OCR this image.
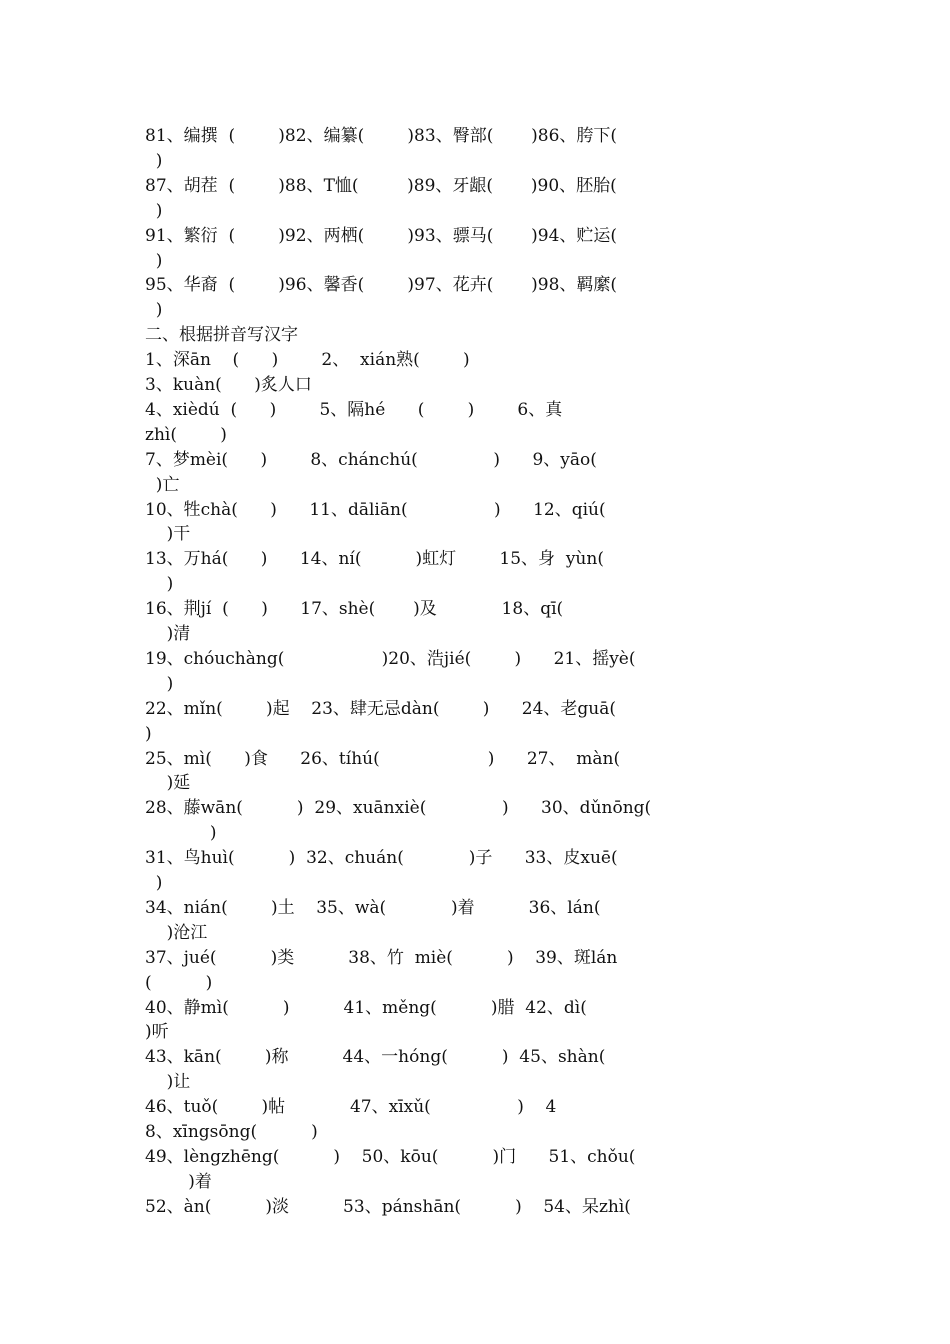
81、编撰  (        )82、编纂(        )83、臀部(       )86、胯下(
)
87、胡茬  (        )88、T恤(         )89、牙龈(       )90、胚胎(
)
91、繁衍  (        )92、两栖(        )93、骠马(       )94、贮运(
)
95、华裔  (        )96、馨香(        )97、花卉(       )98、羁縻(
)
二、根据拼音写汉字
1、深ān    (      )        2、  xián熟(        )
3、kuàn(      )炙人口
4、xièdú  (      )        5、隔hé      (        )        6、真
zhì(        )
7、梦mèi(      )        8、chánchú(              )      9、yāo(
)亡
10、牲chà(      )      11、dāliān(                )      12、qiú(
)干
13、万há(      )      14、ní(          )虹灯        15、身  yùn(
)
16、荆jí  (      )      17、shè(       )及            18、qī(
)清
19、chóuchàng(                  )20、浩jié(        )      21、摇yè(
)
22、mǐn(        )起    23、肆无忌dàn(        )      24、老guā(
)
25、mì(      )食      26、tíhú(                    )      27、  màn(
)延
28、藤wān(          )  29、xuānxiè(              )      30、dǔnōng(
)
31、鸟huì(          )  32、chuán(            )子      33、皮xuē(
)
34、nián(        )土    35、wà(            )着          36、lán(
)沧江
37、jué(          )类          38、竹  miè(          )    39、斑lán
(          )
40、静mì(          )          41、měng(          )腊  42、dì(
)听
43、kān(        )称          44、一hóng(          )  45、shàn(
)让
46、tuǒ(        )帖            47、xīxǔ(                )    4
8、xīngsōng(          )
49、lèngzhēng(          )    50、kōu(          )门      51、chǒu(
)着
52、àn(          )淡          53、pánshān(          )    54、呆zhì(
